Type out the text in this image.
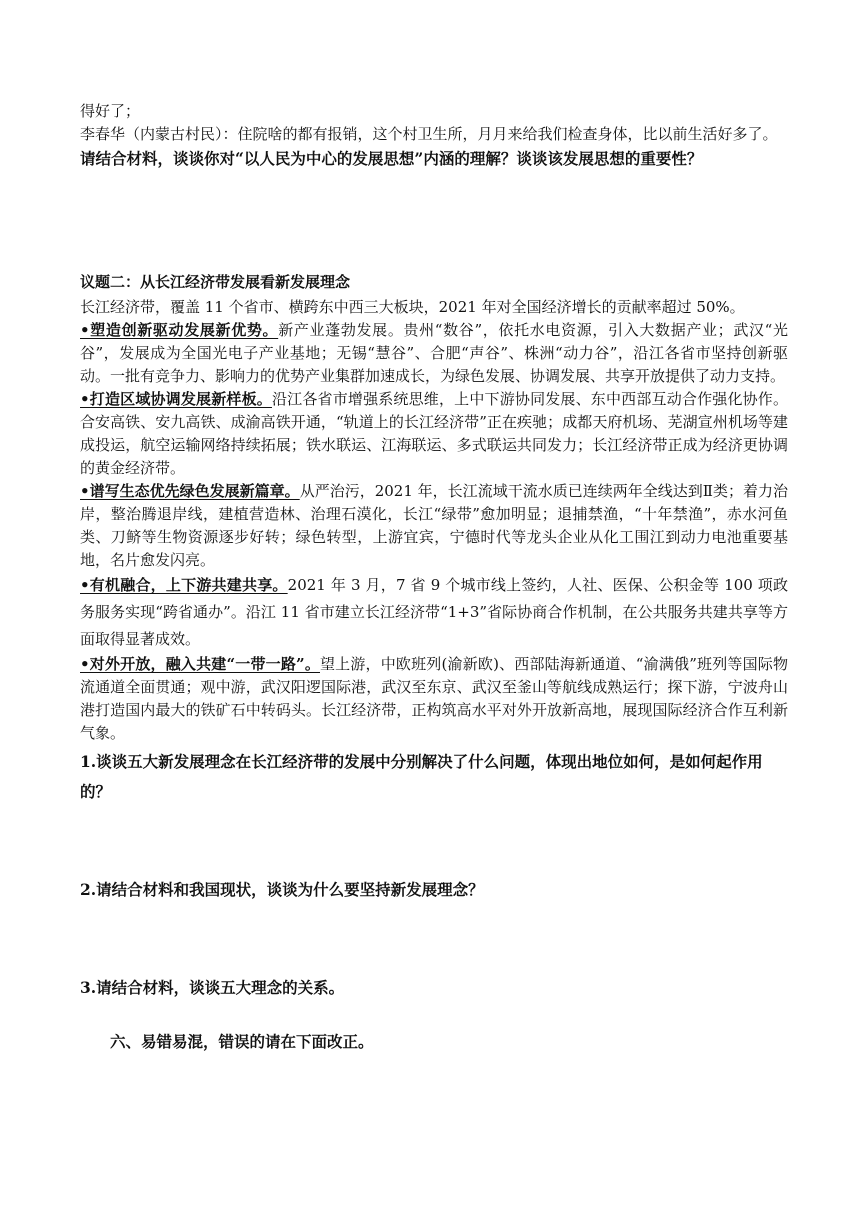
得好了；

李春华（内蒙古村民）：住院啥的都有报销，这个村卫生所，月月来给我们检查身体，比以前生活好多了。

请结合材料，谈谈你对“以人民为中心的发展思想”内涵的理解？谈谈该发展思想的重要性？

议题二：从长江经济带发展看新发展理念

长江经济带，覆盖 11 个省市、横跨东中西三大板块，2021 年对全国经济增长的贡献率超过 50%。

•塑造创新驱动发展新优势。新产业蓬勃发展。贵州“数谷”，依托水电资源，引入大数据产业；武汉“光谷”，发展成为全国光电子产业基地；无锡“慧谷”、合肥“声谷”、株洲“动力谷”，沿江各省市坚持创新驱动。一批有竞争力、影响力的优势产业集群加速成长，为绿色发展、协调发展、共享开放提供了动力支持。

•打造区域协调发展新样板。沿江各省市增强系统思维，上中下游协同发展、东中西部互动合作强化协作。合安高铁、安九高铁、成渝高铁开通，“轨道上的长江经济带”正在疾驰；成都天府机场、芜湖宣州机场等建成投运，航空运输网络持续拓展；铁水联运、江海联运、多式联运共同发力；长江经济带正成为经济更协调的黄金经济带。

•谱写生态优先绿色发展新篇章。从严治污，2021 年，长江流域干流水质已连续两年全线达到Ⅱ类；着力治岸，整治腾退岸线，建植营造林、治理石漠化，长江“绿带”愈加明显；退捕禁渔，“十年禁渔”，赤水河鱼类、刀鲚等生物资源逐步好转；绿色转型，上游宜宾，宁德时代等龙头企业从化工围江到动力电池重要基地，名片愈发闪亮。

•有机融合，上下游共建共享。2021 年 3 月，7 省 9 个城市线上签约，人社、医保、公积金等 100 项政务服务实现“跨省通办”。沿江 11 省市建立长江经济带“1+3”省际协商合作机制，在公共服务共建共享等方面取得显著成效。

•对外开放，融入共建“一带一路”。望上游，中欧班列(渝新欧)、西部陆海新通道、“渝满俄”班列等国际物流通道全面贯通；观中游，武汉阳逻国际港，武汉至东京、武汉至釜山等航线成熟运行；探下游，宁波舟山港打造国内最大的铁矿石中转码头。长江经济带，正构筑高水平对外开放新高地，展现国际经济合作互利新气象。

1.谈谈五大新发展理念在长江经济带的发展中分别解决了什么问题，体现出地位如何，是如何起作用的？

2.请结合材料和我国现状，谈谈为什么要坚持新发展理念？

3.请结合材料，谈谈五大理念的关系。

六、易错易混，错误的请在下面改正。
